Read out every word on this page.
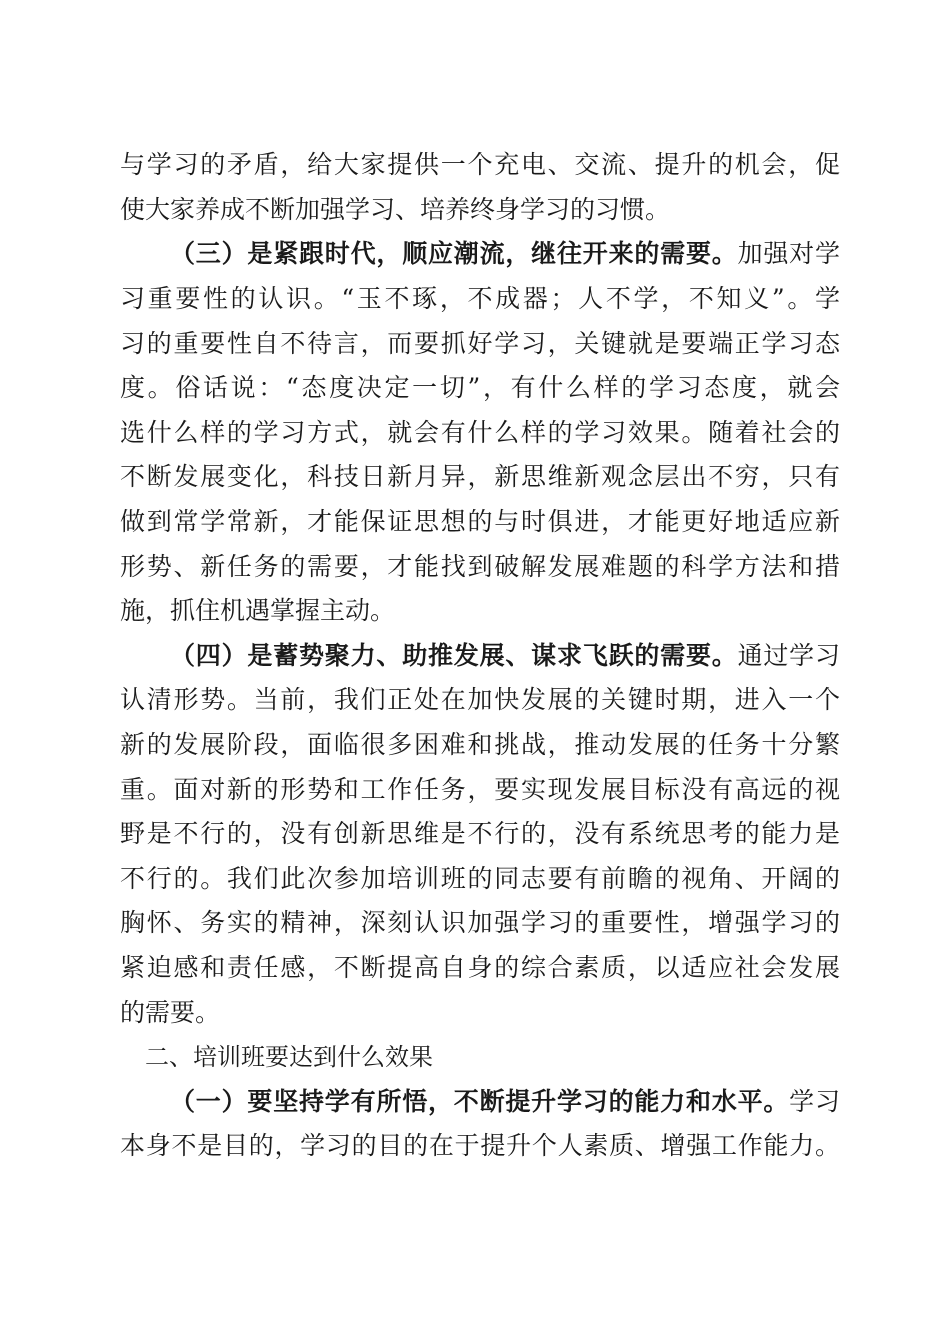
与学习的矛盾，给大家提供一个充电、交流、提升的机会，促
使大家养成不断加强学习、培养终身学习的习惯。
（三）是紧跟时代，顺应潮流，继往开来的需要。加强对学
习重要性的认识。“玉不琢，不成器；人不学，不知义”。学
习的重要性自不待言，而要抓好学习，关键就是要端正学习态
度。俗话说：“态度决定一切”，有什么样的学习态度，就会
选什么样的学习方式，就会有什么样的学习效果。随着社会的
不断发展变化，科技日新月异，新思维新观念层出不穷，只有
做到常学常新，才能保证思想的与时俱进，才能更好地适应新
形势、新任务的需要，才能找到破解发展难题的科学方法和措
施，抓住机遇掌握主动。
（四）是蓄势聚力、助推发展、谋求飞跃的需要。通过学习
认清形势。当前，我们正处在加快发展的关键时期，进入一个
新的发展阶段，面临很多困难和挑战，推动发展的任务十分繁
重。面对新的形势和工作任务，要实现发展目标没有高远的视
野是不行的，没有创新思维是不行的，没有系统思考的能力是
不行的。我们此次参加培训班的同志要有前瞻的视角、开阔的
胸怀、务实的精神，深刻认识加强学习的重要性，增强学习的
紧迫感和责任感，不断提高自身的综合素质，以适应社会发展
的需要。
二、培训班要达到什么效果
（一）要坚持学有所悟，不断提升学习的能力和水平。学习
本身不是目的，学习的目的在于提升个人素质、增强工作能力。
